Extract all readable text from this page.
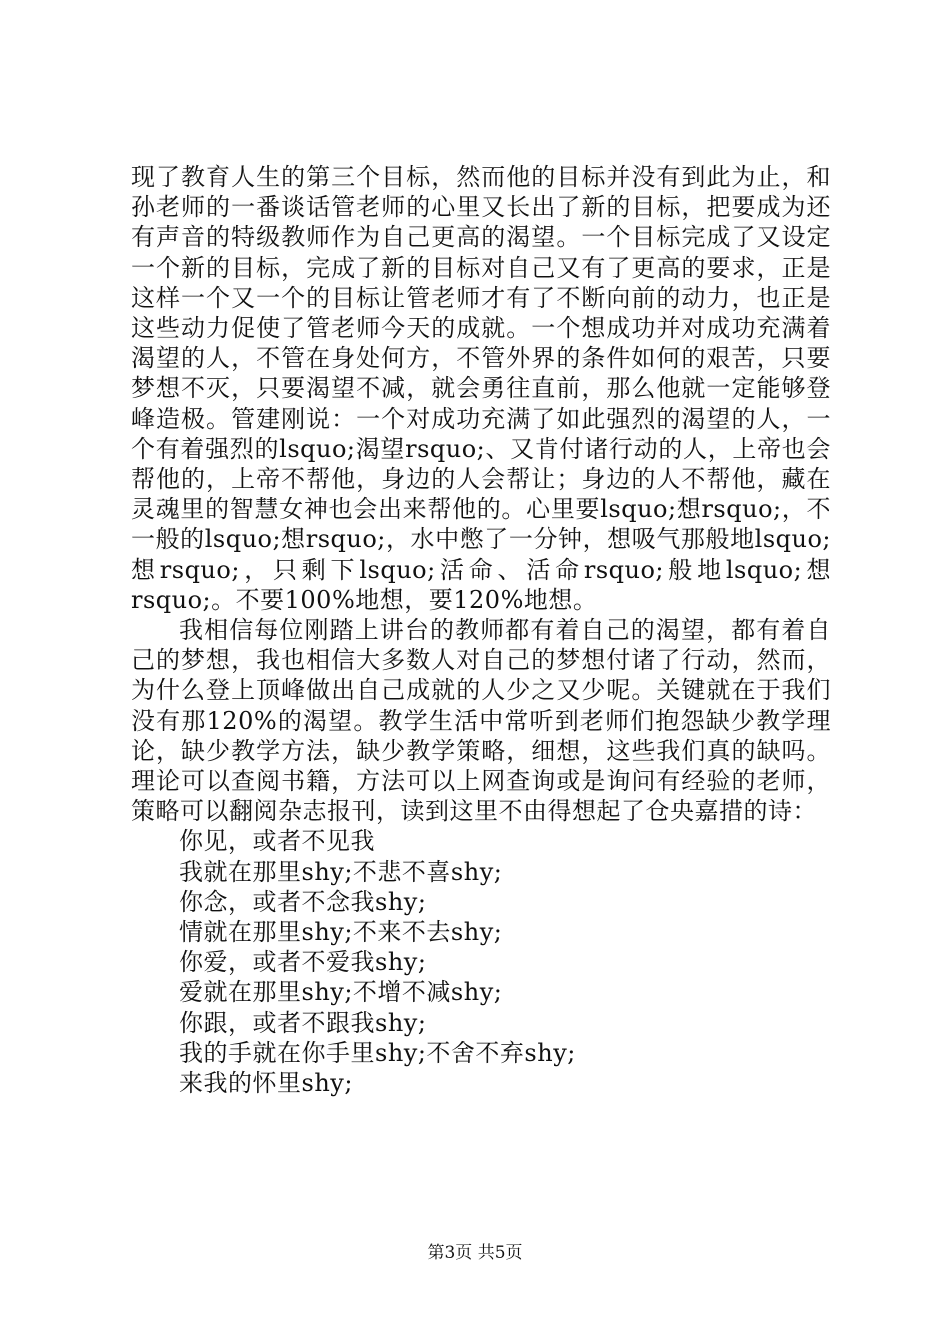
现了教育人生的第三个目标，然而他的目标并没有到此为止，和孙老师的一番谈话管老师的心里又长出了新的目标，把要成为还有声音的特级教师作为自己更高的渴望。一个目标完成了又设定一个新的目标，完成了新的目标对自己又有了更高的要求，正是这样一个又一个的目标让管老师才有了不断向前的动力，也正是这些动力促使了管老师今天的成就。一个想成功并对成功充满着渴望的人，不管在身处何方，不管外界的条件如何的艰苦，只要梦想不灭，只要渴望不减，就会勇往直前，那么他就一定能够登峰造极。管建刚说：一个对成功充满了如此强烈的渴望的人，一个有着强烈的lsquo;渴望rsquo;、又肯付诸行动的人，上帝也会帮他的，上帝不帮他，身边的人会帮让；身边的人不帮他，藏在灵魂里的智慧女神也会出来帮他的。心里要lsquo;想rsquo;，不一般的lsquo;想rsquo;，水中憋了一分钟，想吸气那般地lsquo;想rsquo;，只剩下lsquo;活命、活命rsquo;般地lsquo;想rsquo;。不要100%地想，要120%地想。

我相信每位刚踏上讲台的教师都有着自己的渴望，都有着自己的梦想，我也相信大多数人对自己的梦想付诸了行动，然而，为什么登上顶峰做出自己成就的人少之又少呢。关键就在于我们没有那120%的渴望。教学生活中常听到老师们抱怨缺少教学理论，缺少教学方法，缺少教学策略，细想，这些我们真的缺吗。理论可以查阅书籍，方法可以上网查询或是询问有经验的老师，策略可以翻阅杂志报刊，读到这里不由得想起了仓央嘉措的诗：

你见，或者不见我
我就在那里shy;不悲不喜shy;
你念，或者不念我shy;
情就在那里shy;不来不去shy;
你爱，或者不爱我shy;
爱就在那里shy;不增不减shy;
你跟，或者不跟我shy;
我的手就在你手里shy;不舍不弃shy;
来我的怀里shy;
第3页 共5页
